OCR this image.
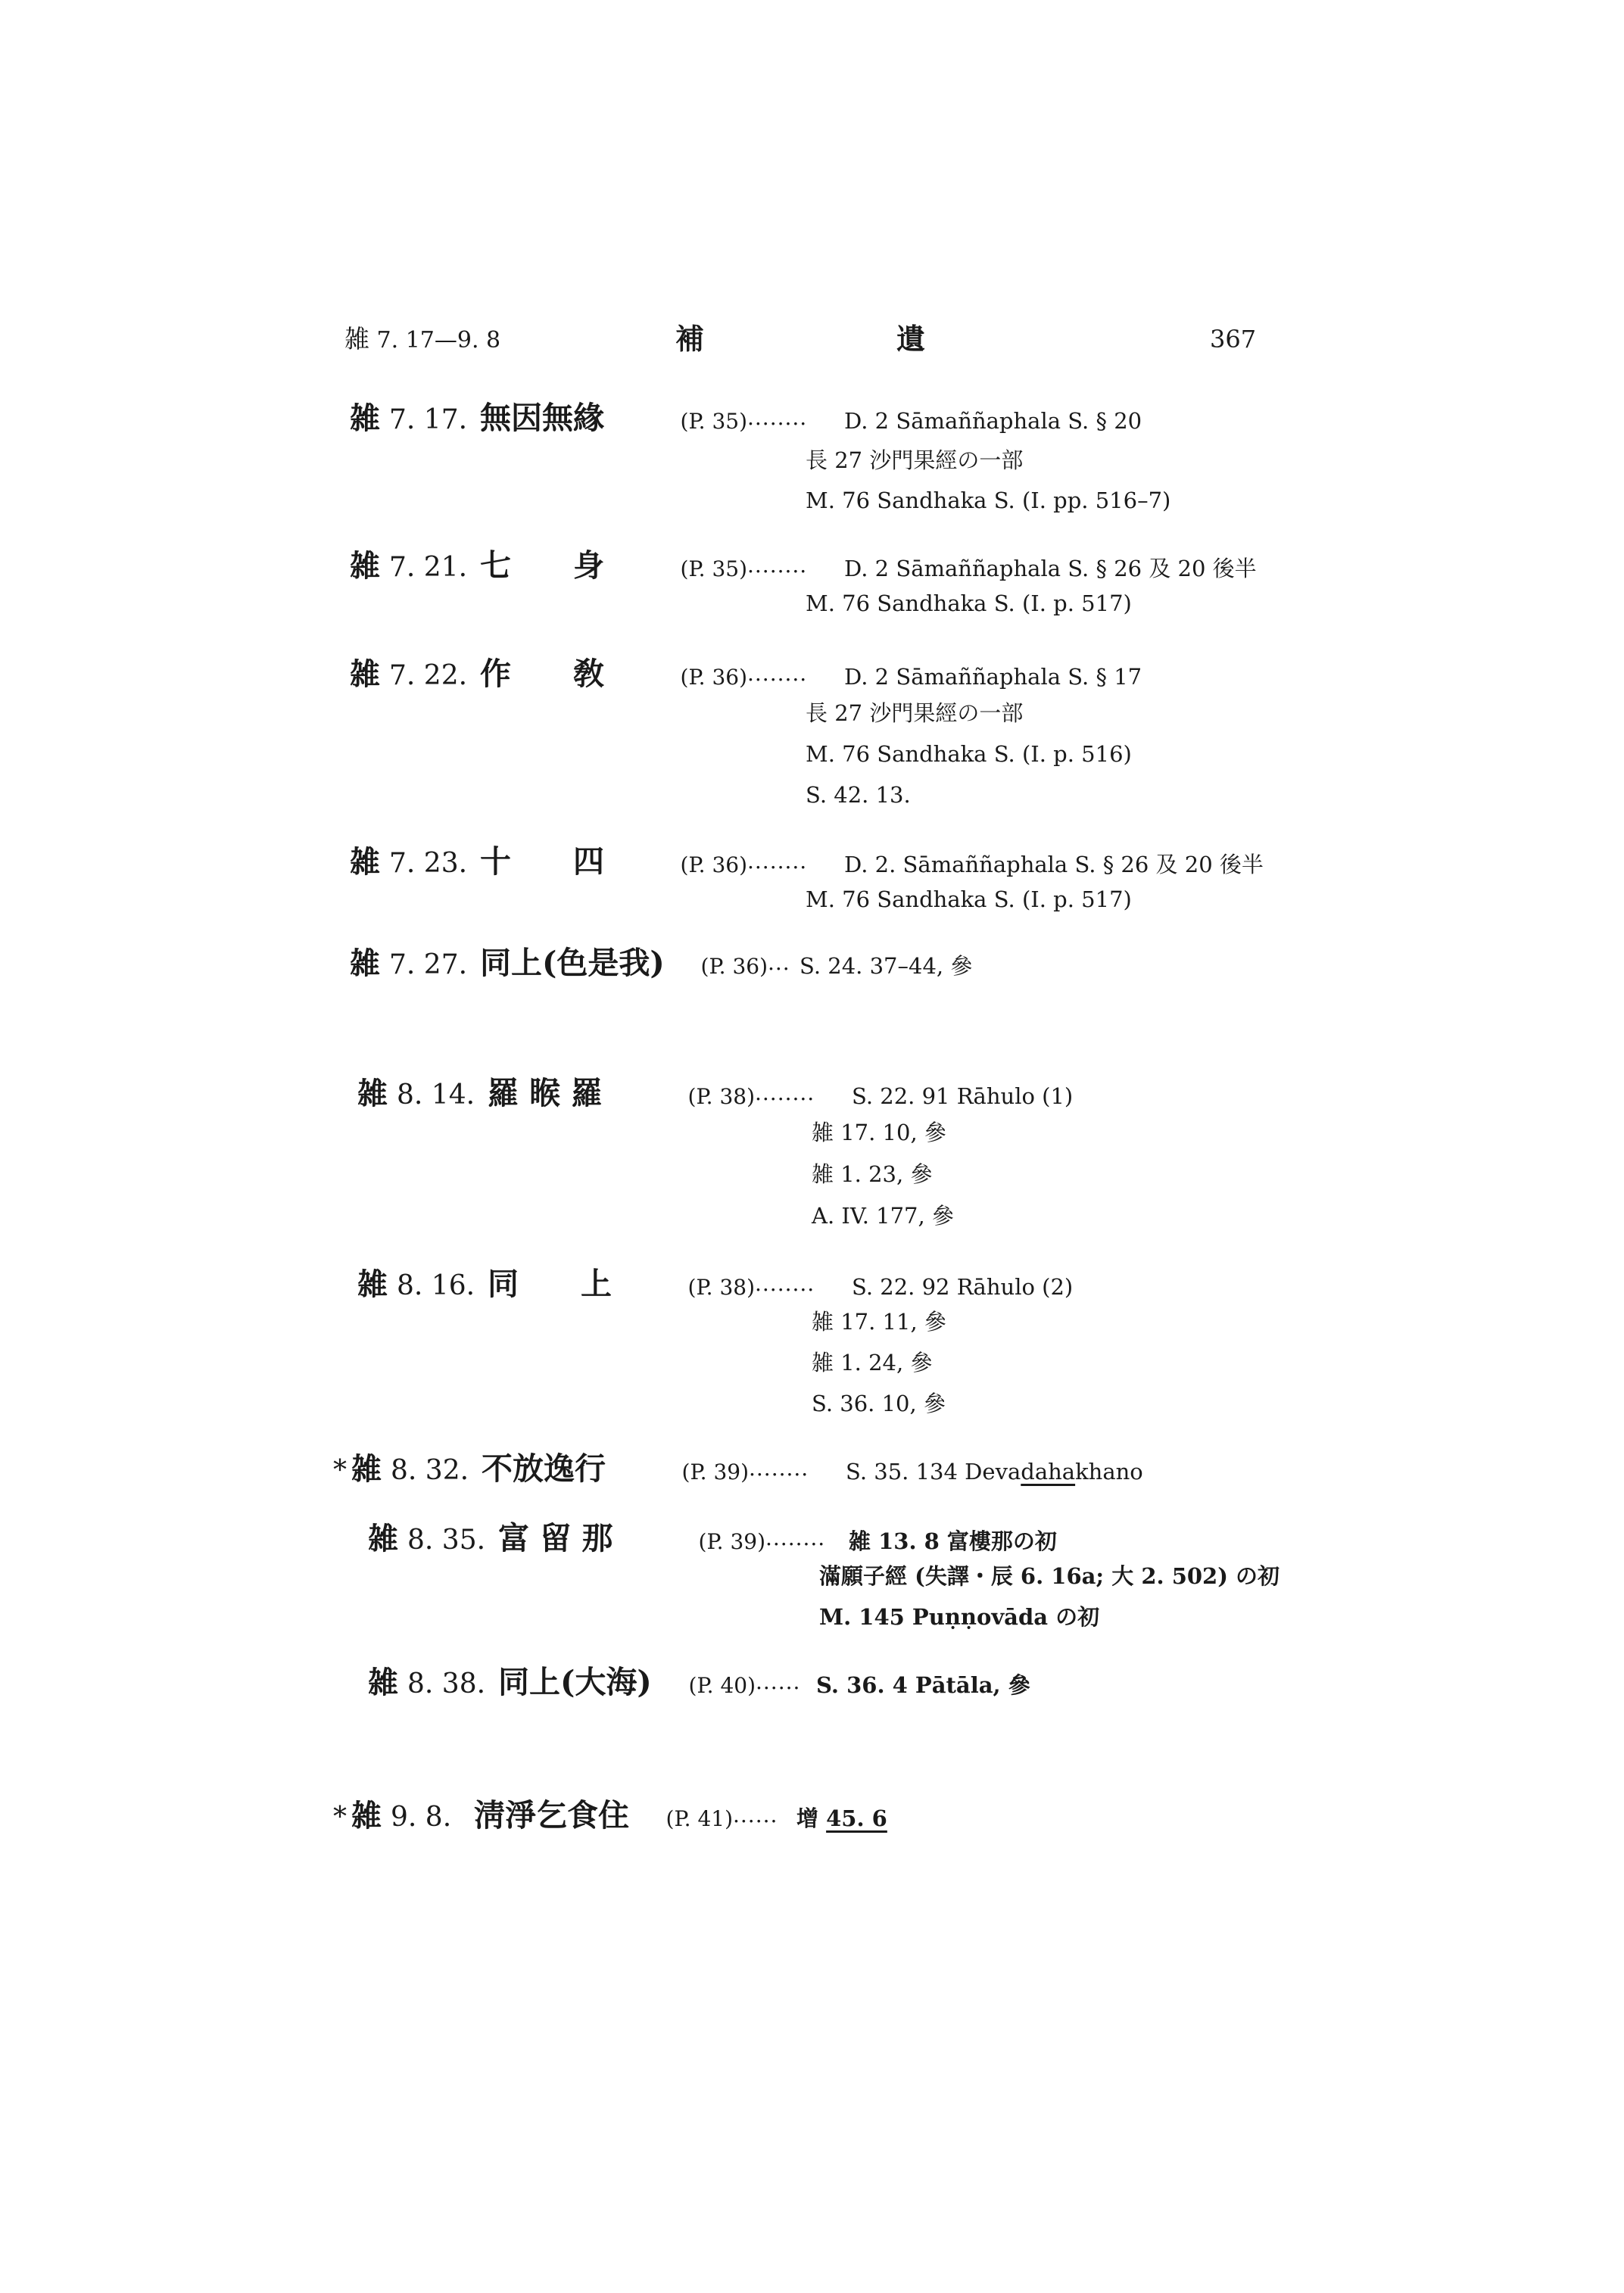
雑 7. 17—9. 8	補	遺	367
雑 7. 17. 無因無緣	(P. 35)........ D. 2 Sāmaññaphala S. § 20
長 27 沙門果經の一部
M. 76 Sandhaka S. (I. pp. 516–7)
雑 7. 21. 七　　身	(P. 35)........ D. 2 Sāmaññaphala S. § 26 及 20 後半
M. 76 Sandhaka S. (I. p. 517)
雑 7. 22. 作　　敎	(P. 36)........ D. 2 Sāmaññaphala S. § 17
長 27 沙門果經の一部
M. 76 Sandhaka S. (I. p. 516)
S. 42. 13.
雑 7. 23. 十　　四	(P. 36)........ D. 2. Sāmaññaphala S. § 26 及 20 後半
M. 76 Sandhaka S. (I. p. 517)
雑 7. 27. 同上(色是我) (P. 36)... S. 24. 37–44, 參
雑 8. 14. 羅 睺 羅	(P. 38)........ S. 22. 91 Rāhulo (1)
雑 17. 10, 參
雑 1. 23, 參
A. IV. 177, 參
雑 8. 16. 同　　上	(P. 38)........ S. 22. 92 Rāhulo (2)
雑 17. 11, 參
雑 1. 24, 參
S. 36. 10, 參
* 雑 8. 32. 不放逸行	(P. 39)........ S. 35. 134 Devadahakhano
雑 8. 35. 富 留 那	(P. 39)........ 雑 13. 8 富樓那の初
滿願子經 (失譯・辰 6. 16a; 大 2. 502) の初
M. 145 Puṇṇovāda の初
雑 8. 38. 同上(大海) (P. 40)...... S. 36. 4 Pātāla, 參
* 雑 9. 8. 淸淨乞食住 (P. 41)...... 增 45. 6
